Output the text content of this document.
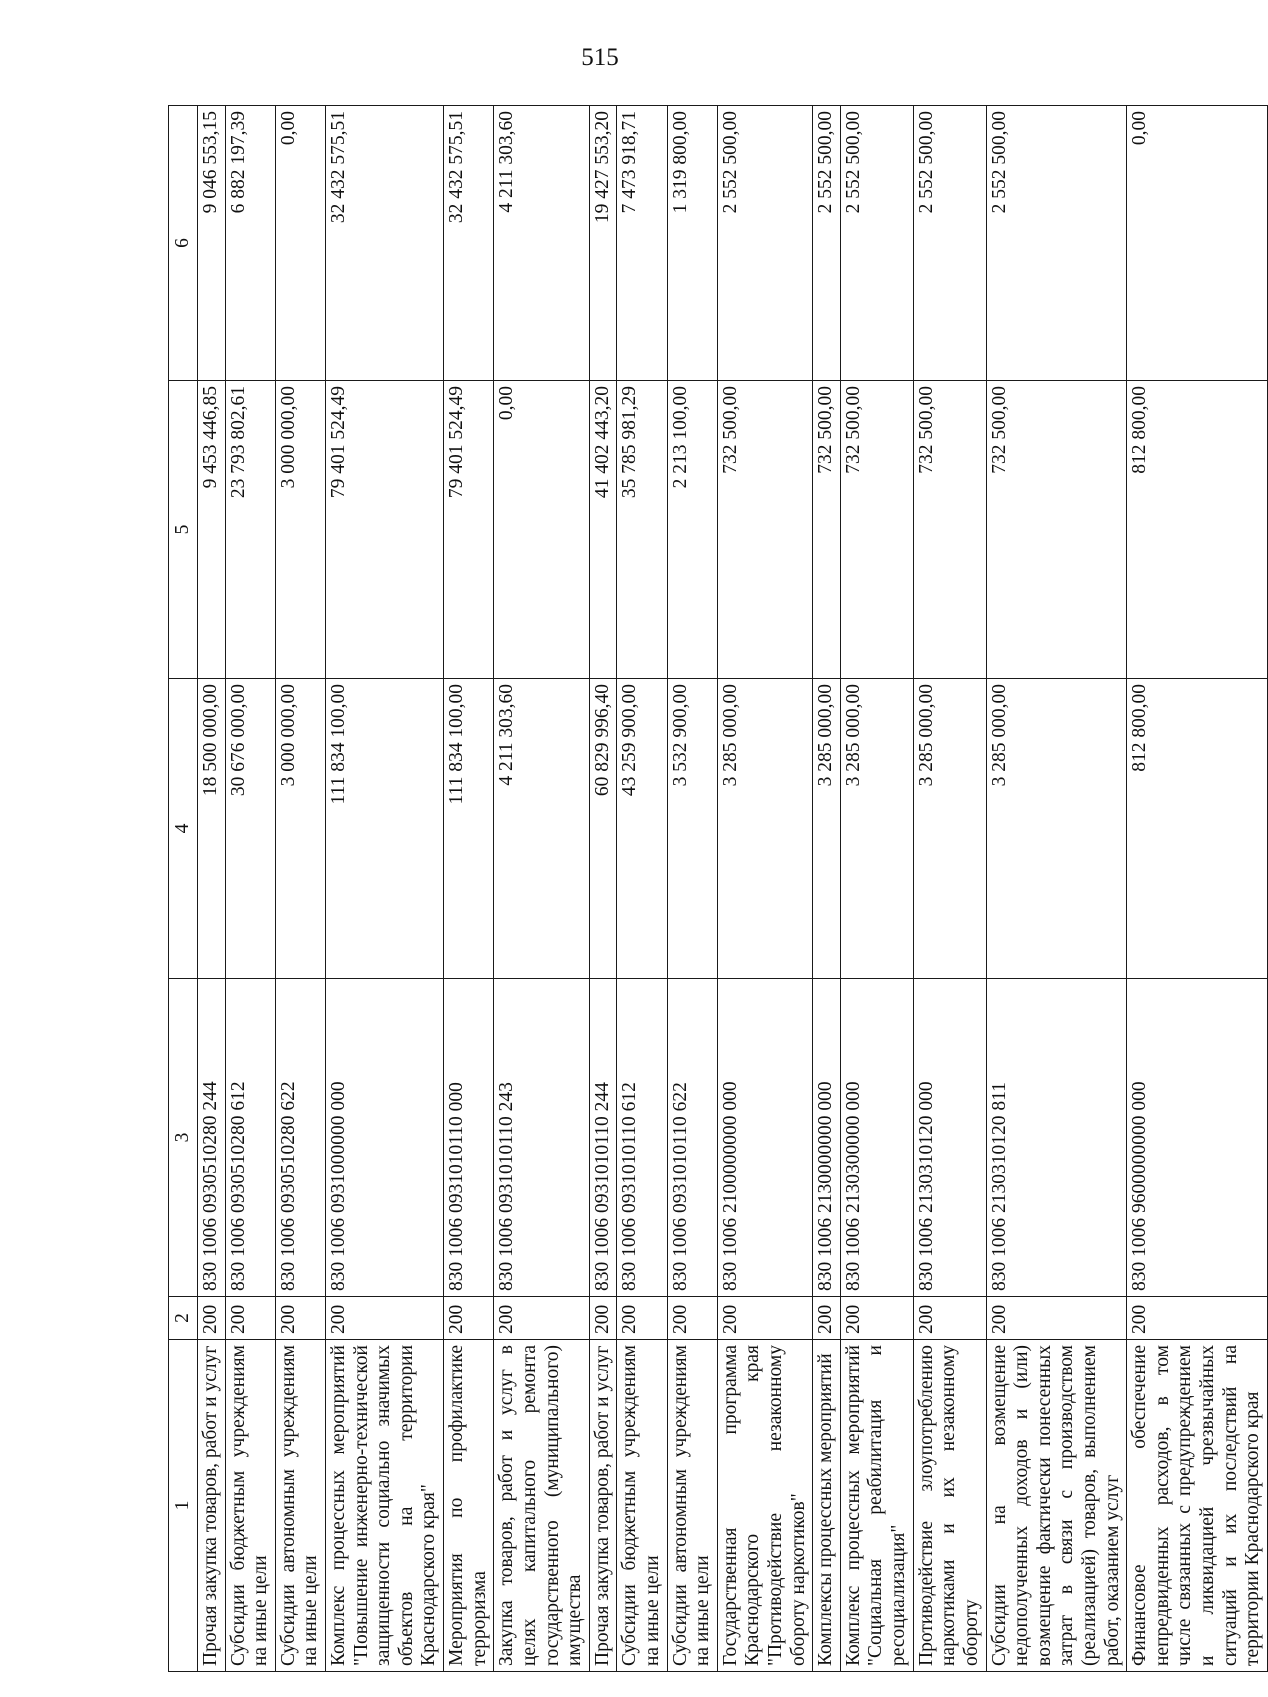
515
1	2	3	4	5	6
Прочая закупка товаров, работ и услуг	200	830 1006 0930510280 244	18 500 000,00	9 453 446,85	9 046 553,15
Субсидии бюджетным учреждениям на иные цели	200	830 1006 0930510280 612	30 676 000,00	23 793 802,61	6 882 197,39
Субсидии автономным учреждениям на иные цели	200	830 1006 0930510280 622	3 000 000,00	3 000 000,00	0,00
Комплекс процессных мероприятий "Повышение инженерно-технической защищенности социально значимых объектов на территории Краснодарского края"	200	830 1006 0931000000 000	111 834 100,00	79 401 524,49	32 432 575,51
Мероприятия по профилактике терроризма	200	830 1006 0931010110 000	111 834 100,00	79 401 524,49	32 432 575,51
Закупка товаров, работ и услуг в целях капитального ремонта государственного (муниципального) имущества	200	830 1006 0931010110 243	4 211 303,60	0,00	4 211 303,60
Прочая закупка товаров, работ и услуг	200	830 1006 0931010110 244	60 829 996,40	41 402 443,20	19 427 553,20
Субсидии бюджетным учреждениям на иные цели	200	830 1006 0931010110 612	43 259 900,00	35 785 981,29	7 473 918,71
Субсидии автономным учреждениям на иные цели	200	830 1006 0931010110 622	3 532 900,00	2 213 100,00	1 319 800,00
Государственная программа Краснодарского края "Противодействие незаконному обороту наркотиков"	200	830 1006 2100000000 000	3 285 000,00	732 500,00	2 552 500,00
Комплексы процессных мероприятий	200	830 1006 2130000000 000	3 285 000,00	732 500,00	2 552 500,00
Комплекс процессных мероприятий "Социальная реабилитация и ресоциализация"	200	830 1006 2130300000 000	3 285 000,00	732 500,00	2 552 500,00
Противодействие злоупотреблению наркотиками и их незаконному обороту	200	830 1006 2130310120 000	3 285 000,00	732 500,00	2 552 500,00
Субсидии на возмещение недополученных доходов и (или) возмещение фактически понесенных затрат в связи с производством (реализацией) товаров, выполнением работ, оказанием услуг	200	830 1006 2130310120 811	3 285 000,00	732 500,00	2 552 500,00
Финансовое обеспечение непредвиденных расходов, в том числе связанных с предупреждением и ликвидацией чрезвычайных ситуаций и их последствий на территории Краснодарского края	200	830 1006 9600000000 000	812 800,00	812 800,00	0,00
